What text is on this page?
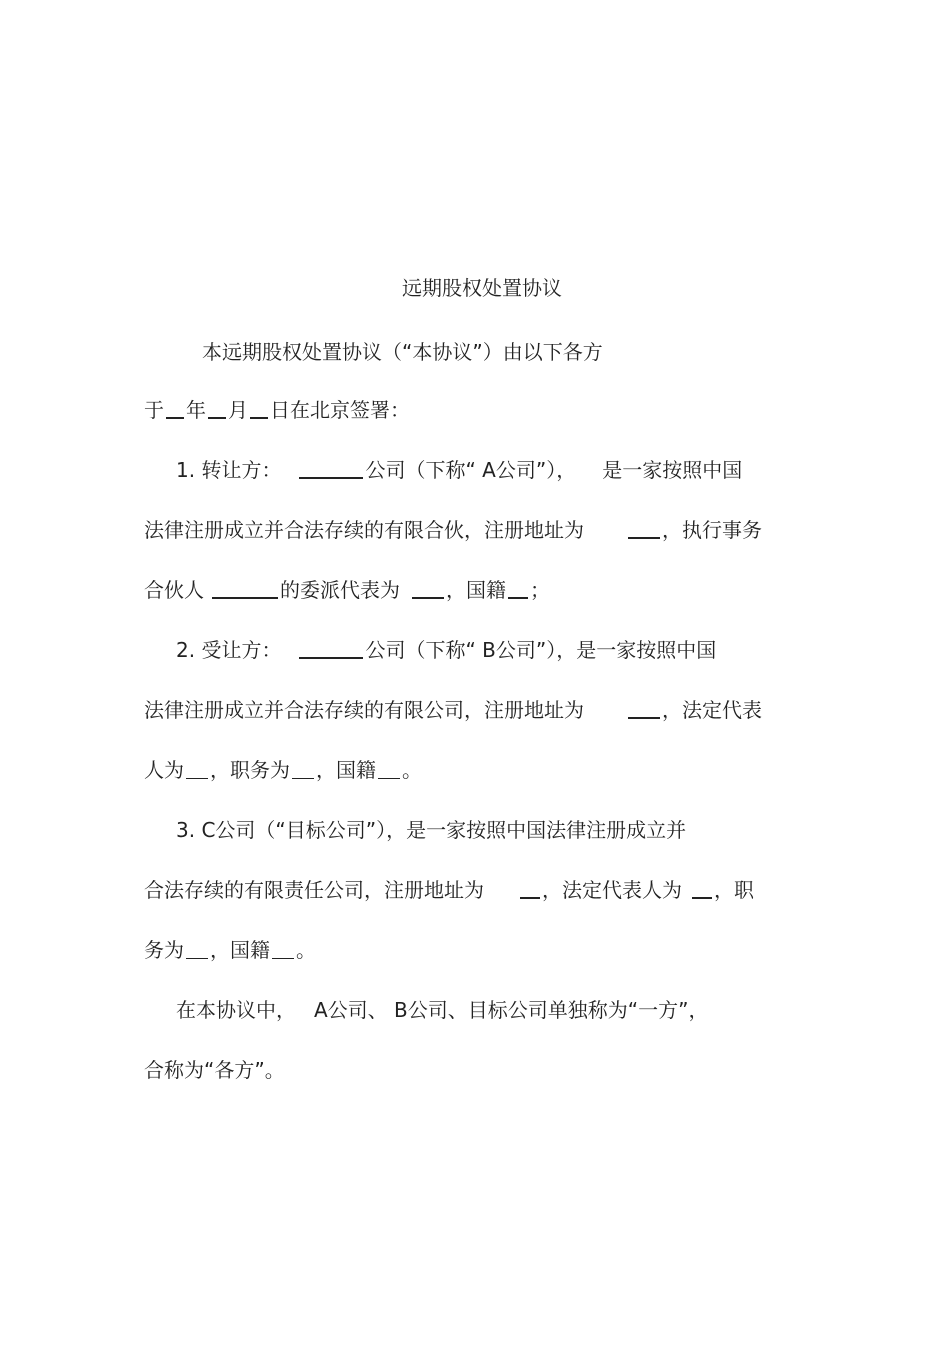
远期股权处置协议
本远期股权处置协议（“本协议”）由以下各方
于 年 月 日在北京签署：
1. 转让方：	公司（下称“ A公司”）， 是一家按照中国
法律注册成立并合法存续的有限合伙，注册地址为	，执行事务
合伙人	的委派代表为 ，国籍 ；
2. 受让方：	公司（下称“ B公司”），是一家按照中国
法律注册成立并合法存续的有限公司，注册地址为	，法定代表
人为 ，职务为 ，国籍 。
3. C公司（“目标公司”），是一家按照中国法律注册成立并
合法存续的有限责任公司，注册地址为	，法定代表人为 ，职
务为 ，国籍 。
在本协议中， A公司、 B公司、目标公司单独称为“一方”，
合称为“各方”。
